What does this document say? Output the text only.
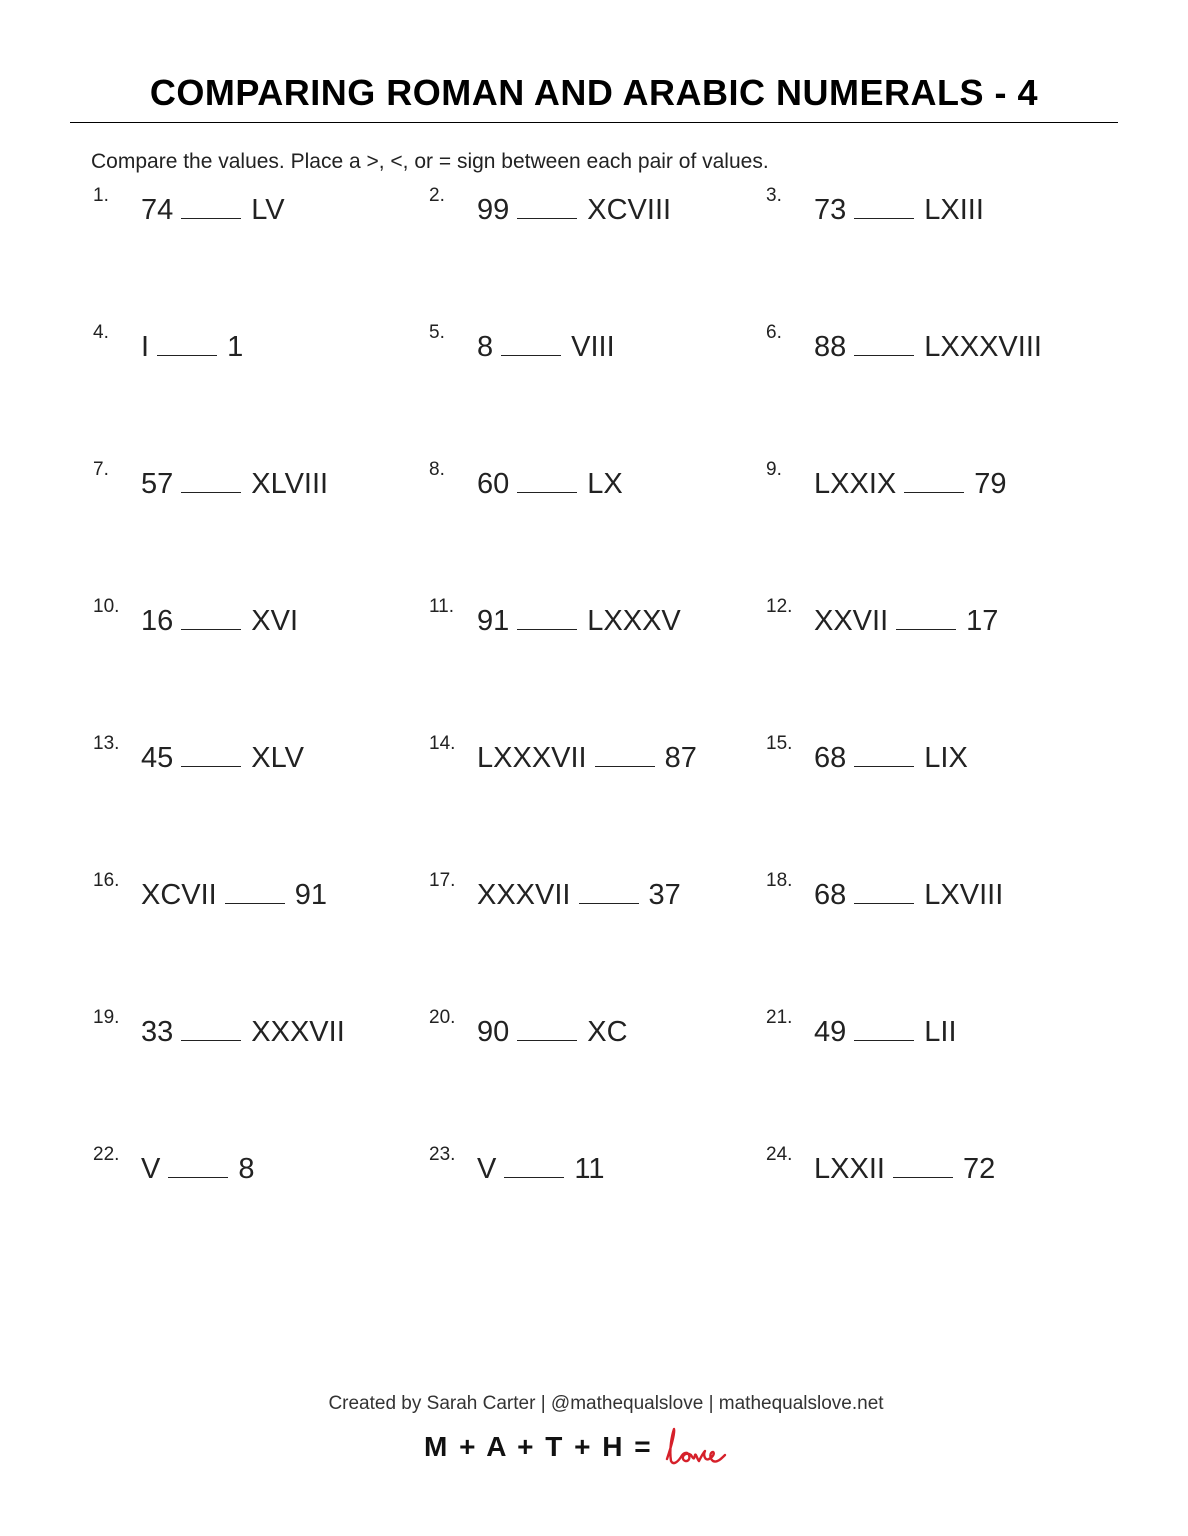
COMPARING ROMAN AND ARABIC NUMERALS - 4
Compare the values. Place a >, <, or = sign between each pair of values.
1. 74	LV	2. 99	XCVIII	3. 73	LXIII
4. I	1	5. 8	VIII	6. 88	LXXXVIII
7. 57	XLVIII	8. 60	LX	9. LXXIX	79
10. 16	XVI	11. 91	LXXXV	12. XXVII	17
13. 45	XLV	14. LXXXVII	87	15. 68	LIX
16. XCVII	91	17. XXXVII	37	18. 68	LXVIII
19. 33	XXXVII	20. 90	XC	21. 49	LII
22. V	8	23. V	11	24. LXXII	72
Created by Sarah Carter | @mathequalslove | mathequalslove.net
M + A + T + H =
